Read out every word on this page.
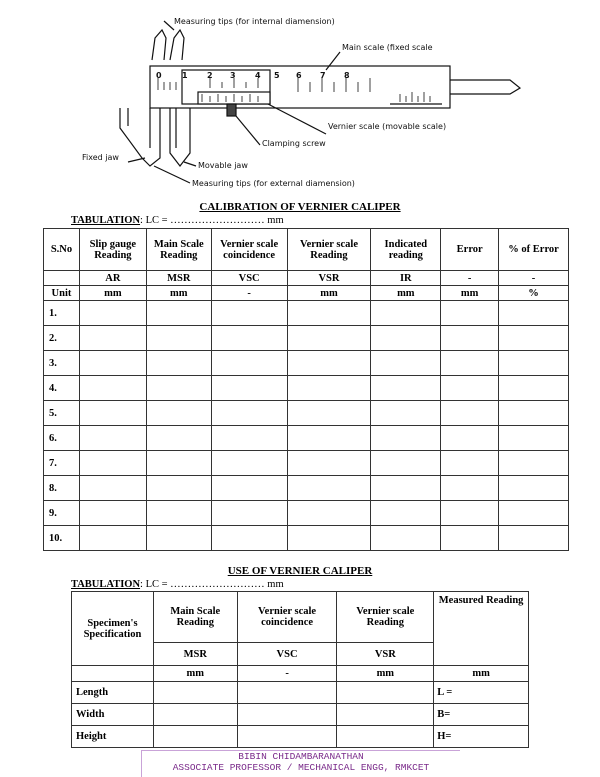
0	1 2 3 4 5 6 7 8
Measuring tips (for internal diamension)
Main scale (fixed scale
Vernier scale (movable scale)
Clamping screw
Fixed jaw
Movable jaw
Measuring tips (for external diamension)
CALIBRATION OF VERNIER CALIPER
TABULATION: LC = ……………………… mm
S.No	Slip gauge Reading	Main Scale Reading	Vernier scale coincidence	Vernier scale Reading	Indicated reading	Error	% of Error
	AR	MSR	VSC	VSR	IR	-	-
Unit	mm	mm	-	mm	mm	mm	%
1.							
2.							
3.							
4.							
5.							
6.							
7.							
8.							
9.							
10.							
USE OF VERNIER CALIPER
TABULATION: LC = ……………………… mm
Specimen's Specification	Main Scale Reading	Vernier scale coincidence	Vernier scale Reading	Measured Reading
	MSR	VSC	VSR	
	mm	-	mm	mm
Length				L =
Width				B=
Height				H=
BIBIN CHIDAMBARANATHAN
ASSOCIATE PROFESSOR / MECHANICAL ENGG, RMKCET
